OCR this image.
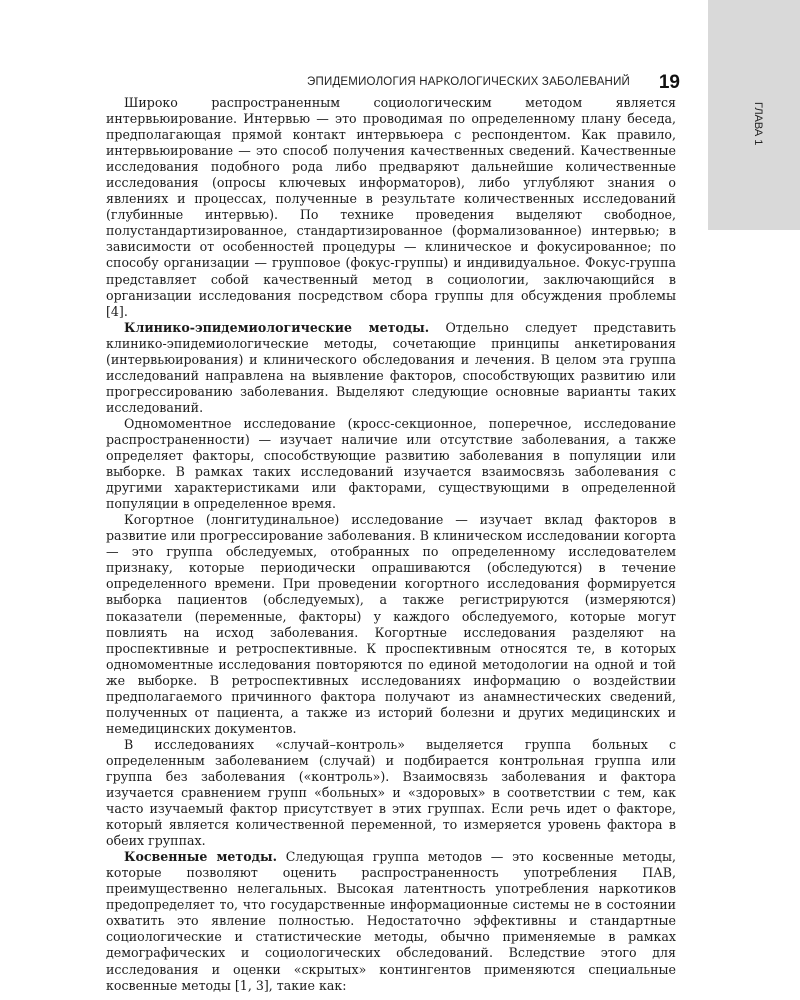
ГЛАВА 1
ЭПИДЕМИОЛОГИЯ НАРКОЛОГИЧЕСКИХ ЗАБОЛЕВАНИЙ 19

Широко распространенным социологическим методом является интервьюирование. Интервью — это проводимая по определенному плану беседа, предполагающая прямой контакт интервьюера с респондентом. Как правило, интервьюирование — это способ получения качественных сведений. Качественные исследования подобного рода либо предваряют дальнейшие количественные исследования (опросы ключевых информаторов), либо углубляют знания о явлениях и процессах, полученные в результате количественных исследований (глубинные интервью). По технике проведения выделяют свободное, полустандартизированное, стандартизированное (формализованное) интервью; в зависимости от особенностей процедуры — клиническое и фокусированное; по способу организации — групповое (фокус-группы) и индивидуальное. Фокус-группа представляет собой качественный метод в социологии, заключающийся в организации исследования посредством сбора группы для обсуждения проблемы [4].

Клинико-эпидемиологические методы. Отдельно следует представить клинико-эпидемиологические методы, сочетающие принципы анкетирования (интервьюирования) и клинического обследования и лечения. В целом эта группа исследований направлена на выявление факторов, способствующих развитию или прогрессированию заболевания. Выделяют следующие основные варианты таких исследований.

Одномоментное исследование (кросс-секционное, поперечное, исследование распространенности) — изучает наличие или отсутствие заболевания, а также определяет факторы, способствующие развитию заболевания в популяции или выборке. В рамках таких исследований изучается взаимосвязь заболевания с другими характеристиками или факторами, существующими в определенной популяции в определенное время.

Когортное (лонгитудинальное) исследование — изучает вклад факторов в развитие или прогрессирование заболевания. В клиническом исследовании когорта — это группа обследуемых, отобранных по определенному исследователем признаку, которые периодически опрашиваются (обследуются) в течение определенного времени. При проведении когортного исследования формируется выборка пациентов (обследуемых), а также регистрируются (измеряются) показатели (переменные, факторы) у каждого обследуемого, которые могут повлиять на исход заболевания. Когортные исследования разделяют на проспективные и ретроспективные. К проспективным относятся те, в которых одномоментные исследования повторяются по единой методологии на одной и той же выборке. В ретроспективных исследованиях информацию о воздействии предполагаемого причинного фактора получают из анамнестических сведений, полученных от пациента, а также из историй болезни и других медицинских и немедицинских документов.

В исследованиях «случай–контроль» выделяется группа больных с определенным заболеванием (случай) и подбирается контрольная группа или группа без заболевания («контроль»). Взаимосвязь заболевания и фактора изучается сравнением групп «больных» и «здоровых» в соответствии с тем, как часто изучаемый фактор присутствует в этих группах. Если речь идет о факторе, который является количественной переменной, то измеряется уровень фактора в обеих группах.

Косвенные методы. Следующая группа методов — это косвенные методы, которые позволяют оценить распространенность употребления ПАВ, преимущественно нелегальных. Высокая латентность употребления наркотиков предопределяет то, что государственные информационные системы не в состоянии охватить это явление полностью. Недостаточно эффективны и стандартные социологические и статистические методы, обычно применяемые в рамках демографических и социологических обследований. Вследствие этого для исследования и оценки «скрытых» контингентов применяются специальные косвенные методы [1, 3], такие как:
